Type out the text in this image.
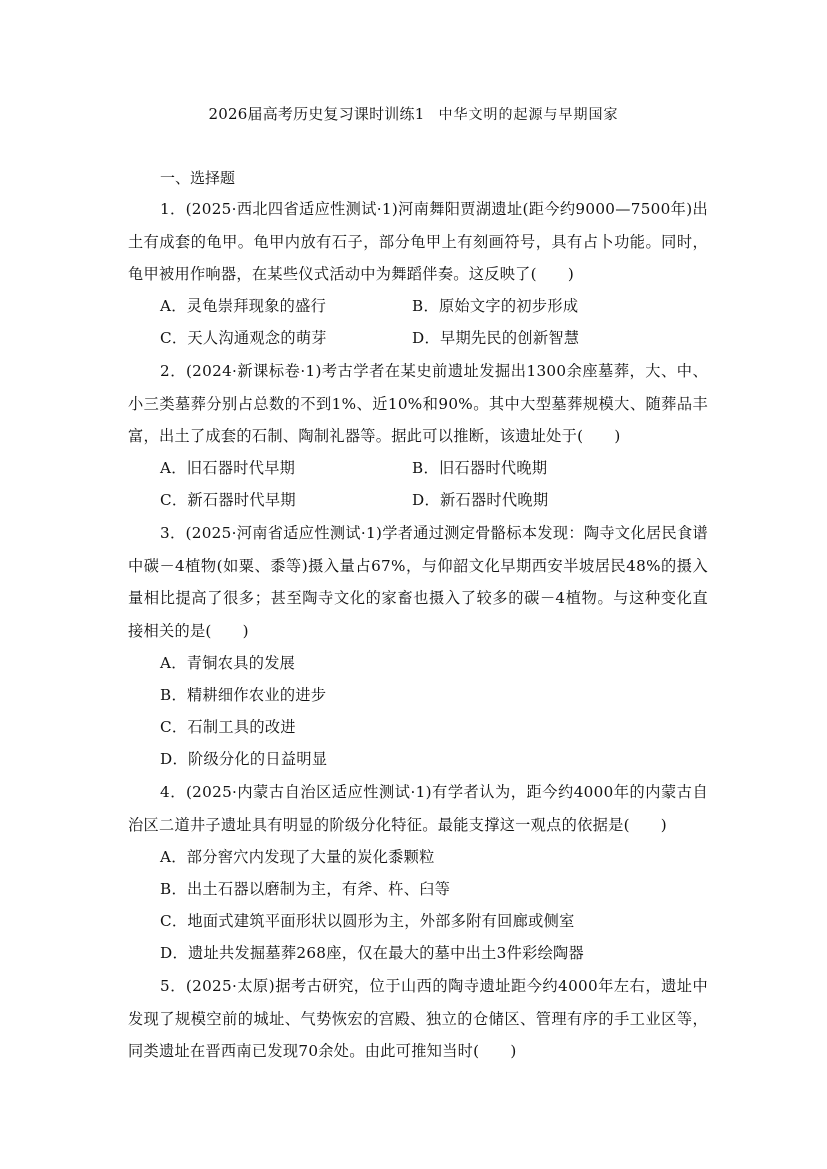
2026届高考历史复习课时训练1 中华文明的起源与早期国家
一、选择题
1．(2025·西北四省适应性测试·1)河南舞阳贾湖遗址(距今约9000—7500年)出土有成套的龟甲。龟甲内放有石子，部分龟甲上有刻画符号，具有占卜功能。同时，龟甲被用作响器，在某些仪式活动中为舞蹈伴奏。这反映了(　　)
A．灵龟崇拜现象的盛行	B．原始文字的初步形成
C．天人沟通观念的萌芽	D．早期先民的创新智慧
2．(2024·新课标卷·1)考古学者在某史前遗址发掘出1300余座墓葬，大、中、小三类墓葬分别占总数的不到1%、近10%和90%。其中大型墓葬规模大、随葬品丰富，出土了成套的石制、陶制礼器等。据此可以推断，该遗址处于(　　)
A．旧石器时代早期	B．旧石器时代晚期
C．新石器时代早期	D．新石器时代晚期
3．(2025·河南省适应性测试·1)学者通过测定骨骼标本发现：陶寺文化居民食谱中碳－4植物(如粟、黍等)摄入量占67%，与仰韶文化早期西安半坡居民48%的摄入量相比提高了很多；甚至陶寺文化的家畜也摄入了较多的碳－4植物。与这种变化直接相关的是(　　)
A．青铜农具的发展
B．精耕细作农业的进步
C．石制工具的改进
D．阶级分化的日益明显
4．(2025·内蒙古自治区适应性测试·1)有学者认为，距今约4000年的内蒙古自治区二道井子遗址具有明显的阶级分化特征。最能支撑这一观点的依据是(　　)
A．部分窖穴内发现了大量的炭化黍颗粒
B．出土石器以磨制为主，有斧、杵、臼等
C．地面式建筑平面形状以圆形为主，外部多附有回廊或侧室
D．遗址共发掘墓葬268座，仅在最大的墓中出土3件彩绘陶器
5．(2025·太原)据考古研究，位于山西的陶寺遗址距今约4000年左右，遗址中发现了规模空前的城址、气势恢宏的宫殿、独立的仓储区、管理有序的手工业区等，同类遗址在晋西南已发现70余处。由此可推知当时(　　)
